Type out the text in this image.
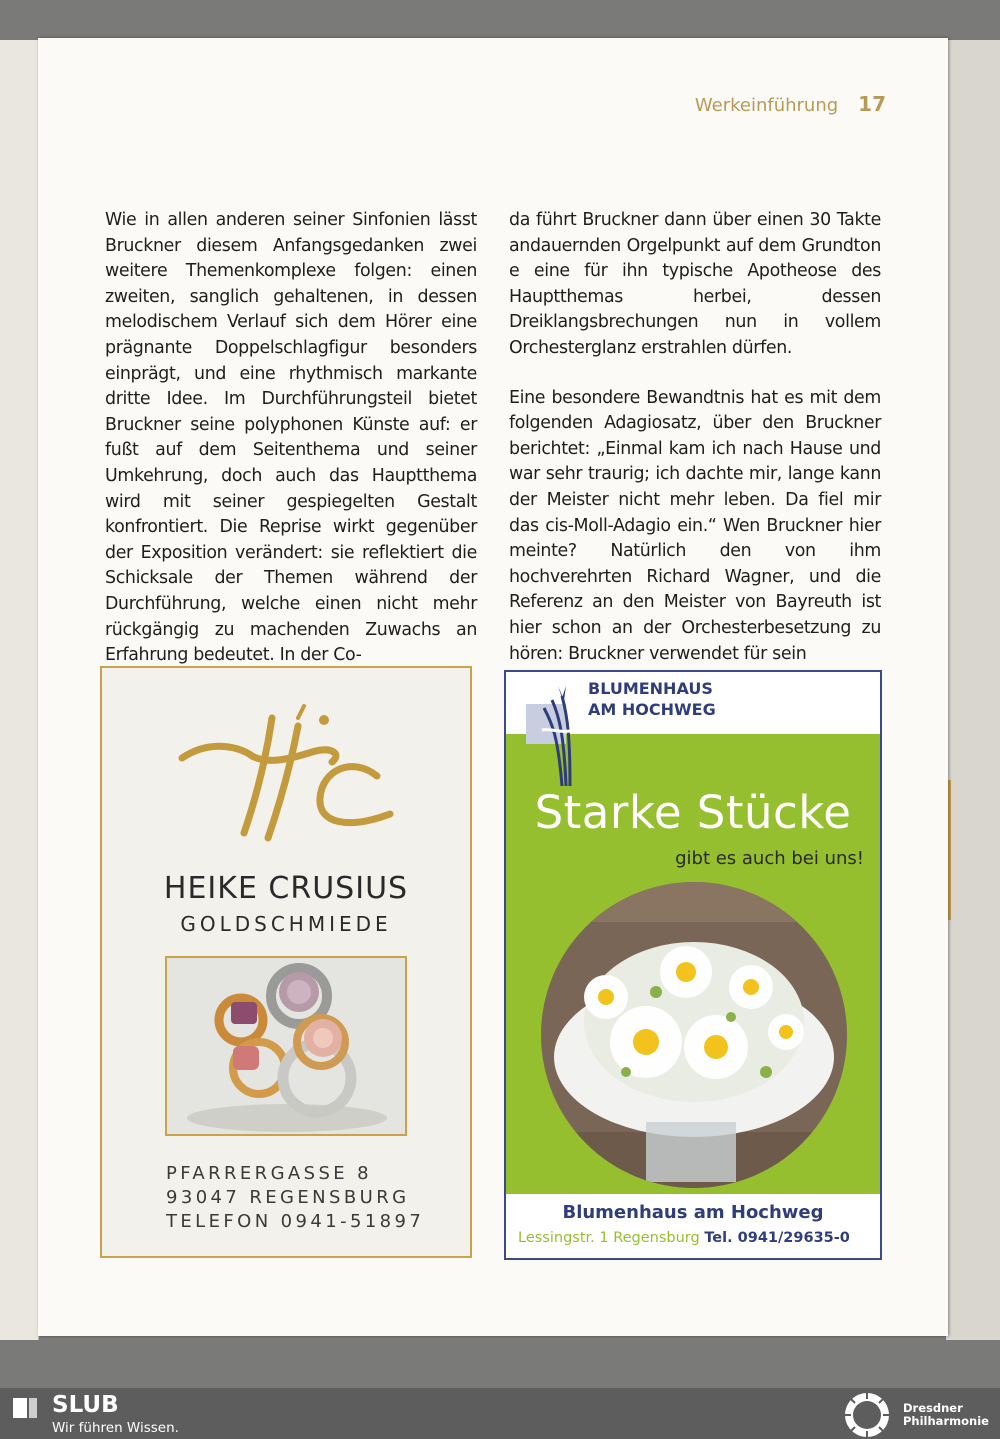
Werkeinführung 17

Wie in allen anderen seiner Sinfonien lässt Bruckner diesem Anfangsgedanken zwei weitere Themenkomplexe folgen: einen zweiten, sanglich gehaltenen, in dessen melodischem Verlauf sich dem Hörer eine prägnante Doppelschlagfigur besonders einprägt, und eine rhythmisch markante dritte Idee. Im Durchführungsteil bietet Bruckner seine polyphonen Künste auf: er fußt auf dem Seitenthema und seiner Umkehrung, doch auch das Hauptthema wird mit seiner gespiegelten Gestalt konfrontiert. Die Reprise wirkt gegenüber der Exposition verändert: sie reflektiert die Schicksale der Themen während der Durchführung, welche einen nicht mehr rückgängig zu machenden Zuwachs an Erfahrung bedeutet. In der Co-

da führt Bruckner dann über einen 30 Takte andauernden Orgelpunkt auf dem Grundton e eine für ihn typische Apotheose des Hauptthemas herbei, dessen Dreiklangsbrechungen nun in vollem Orchesterglanz erstrahlen dürfen.

Eine besondere Bewandtnis hat es mit dem folgenden Adagiosatz, über den Bruckner berichtet: „Einmal kam ich nach Hause und war sehr traurig; ich dachte mir, lange kann der Meister nicht mehr leben. Da fiel mir das cis-Moll-Adagio ein.“ Wen Bruckner hier meinte? Natürlich den von ihm hochverehrten Richard Wagner, und die Referenz an den Meister von Bayreuth ist hier schon an der Orchesterbesetzung zu hören: Bruckner verwendet für sein

HEIKE CRUSIUS
GOLDSCHMIEDE
PFARRERGASSE 8
93047 REGENSBURG
TELEFON 0941-51897
BLUMENHAUS
AM HOCHWEG
Starke Stücke
gibt es auch bei uns!
Blumenhaus am Hochweg
Lessingstr. 1 Regensburg Tel. 0941/29635-0
SLUB
Wir führen Wissen.
Dresdner
Philharmonie
